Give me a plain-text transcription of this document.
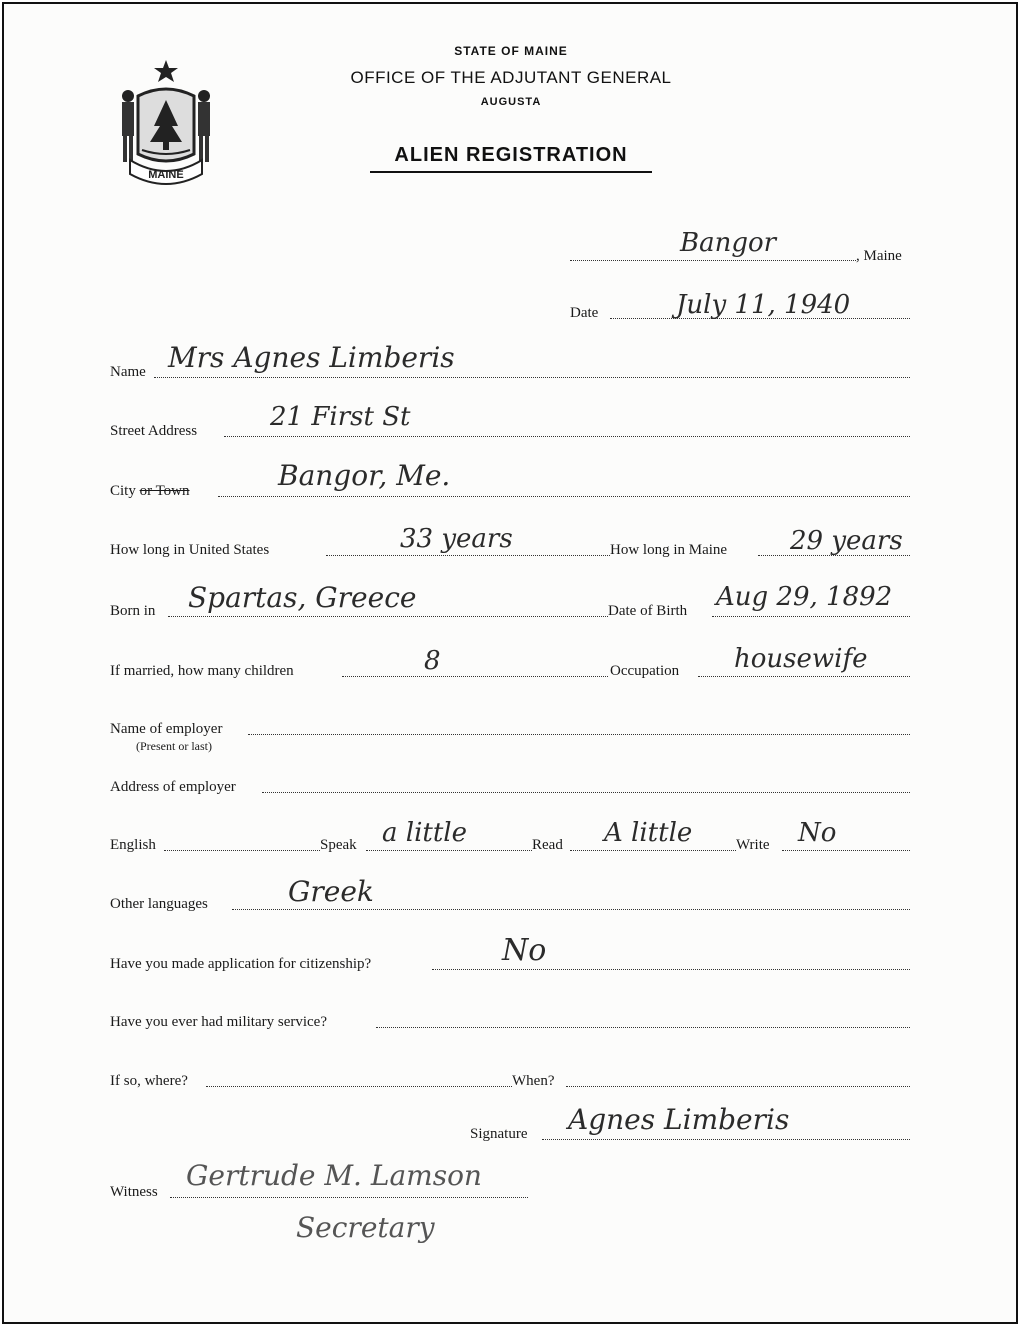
MAINE
STATE OF MAINE
OFFICE OF THE ADJUTANT GENERAL
AUGUSTA
ALIEN REGISTRATION
Bangor	, Maine
Date	July 11, 1940
Name Mrs Agnes Limberis
Street Address	21 First St
City or Town	Bangor, Me.
How long in United States	33 years	How long in Maine 29 years
Born in Spartas, Greece	Date of Birth Aug 29, 1892
If married, how many children	8	Occupation housewife
Name of employer
(Present or last)
Address of employer
English	Speak a little	Read A little	Write No
Other languages	Greek
Have you made application for citizenship?	No
Have you ever had military service?
If so, where?	When?
Signature Agnes Limberis
Witness Gertrude M. Lamson
Secretary
